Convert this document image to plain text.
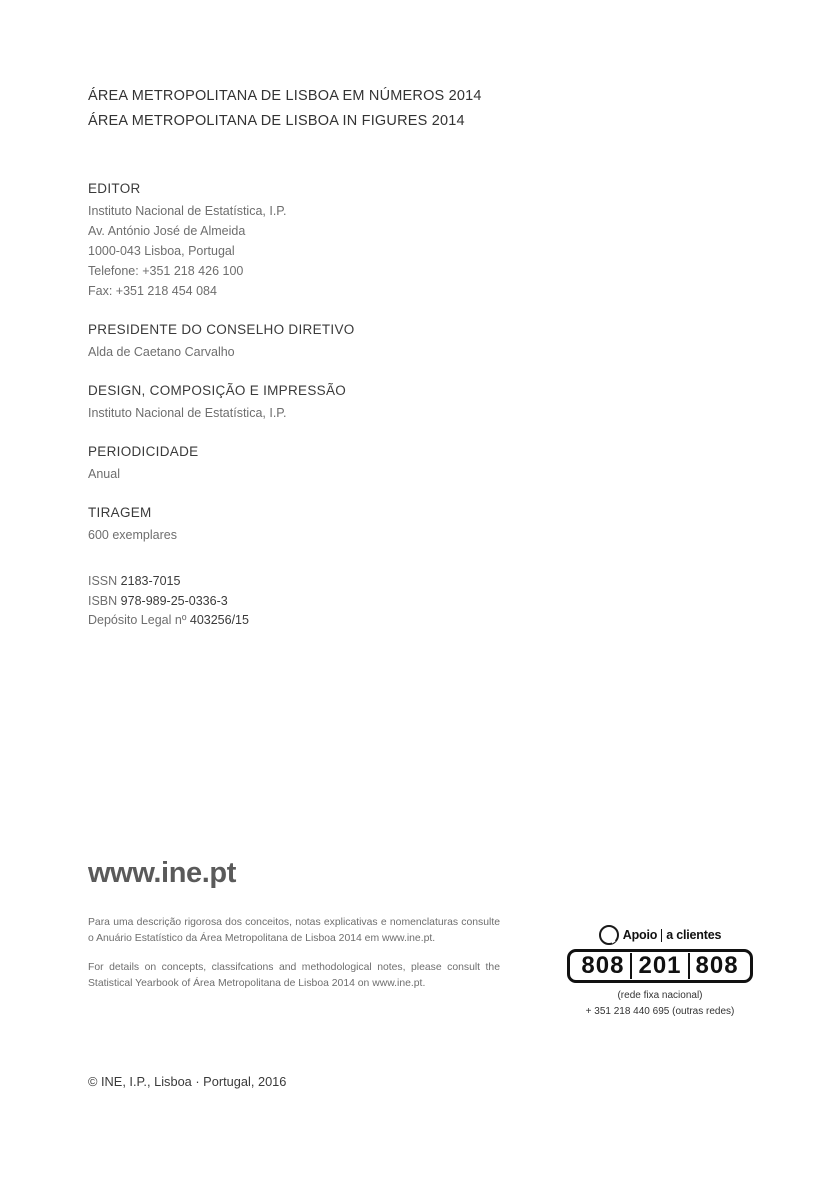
ÁREA METROPOLITANA DE LISBOA EM NÚMEROS 2014
ÁREA METROPOLITANA DE LISBOA IN FIGURES 2014
EDITOR
Instituto Nacional de Estatística, I.P.
Av. António José de Almeida
1000-043 Lisboa, Portugal
Telefone: +351 218 426 100
Fax: +351 218 454 084
PRESIDENTE DO CONSELHO DIRETIVO
Alda de Caetano Carvalho
DESIGN, COMPOSIÇÃO E IMPRESSÃO
Instituto Nacional de Estatística, I.P.
PERIODICIDADE
Anual
TIRAGEM
600 exemplares
ISSN 2183-7015
ISBN 978-989-25-0336-3
Depósito Legal nº 403256/15
www.ine.pt
Para uma descrição rigorosa dos conceitos, notas explicativas e nomenclaturas consulte o Anuário Estatístico da Área Metropolitana de Lisboa 2014 em www.ine.pt.
For details on concepts, classifcations and methodological notes, please consult the Statistical Yearbook of Área Metropolitana de Lisboa 2014 on www.ine.pt.
Apoio a clientes
808 201 808
(rede fixa nacional)
+ 351 218 440 695 (outras redes)
© INE, I.P., Lisboa · Portugal, 2016
